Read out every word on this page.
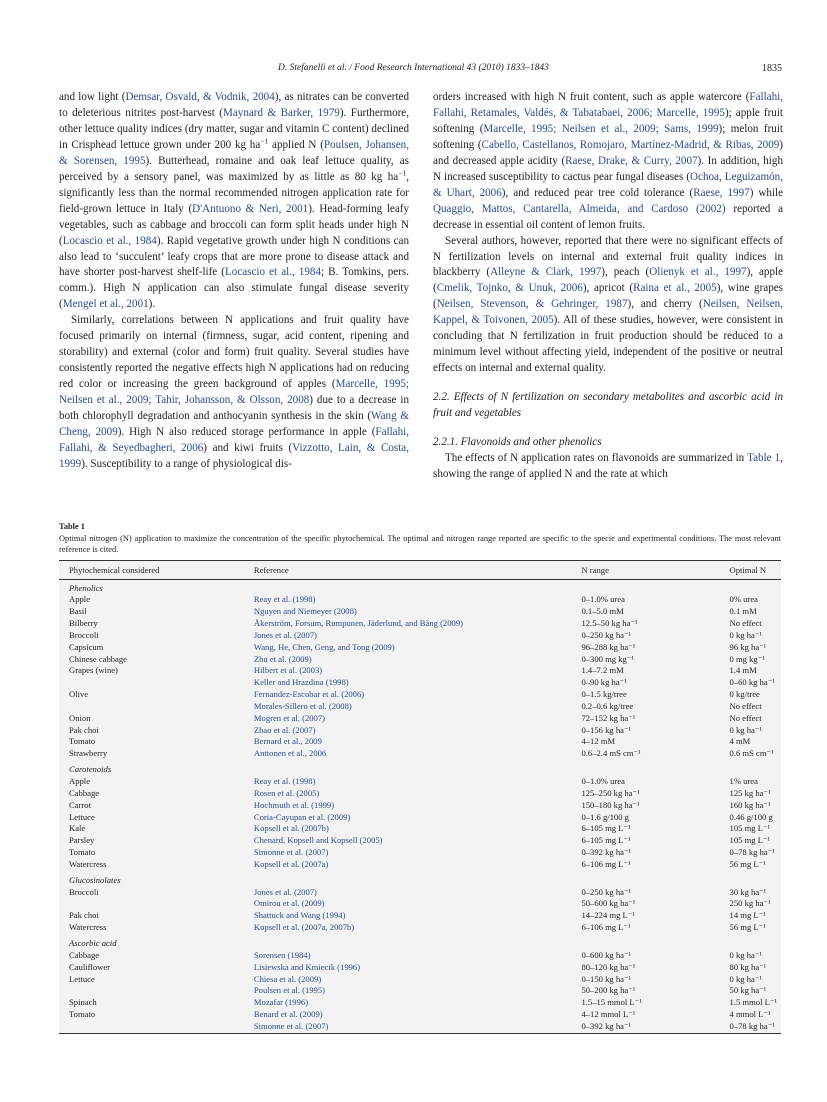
D. Stefanelli et al. / Food Research International 43 (2010) 1833–1843	1835

and low light (Demsar, Osvald, & Vodnik, 2004), as nitrates can be converted to deleterious nitrites post-harvest (Maynard & Barker, 1979). Furthermore, other lettuce quality indices (dry matter, sugar and vitamin C content) declined in Crisphead lettuce grown under 200 kg $ha^{-1}$ applied N (Poulsen, Johansen, & Sorensen, 1995). Butterhead, romaine and oak leaf lettuce quality, as perceived by a sensory panel, was maximized by as little as 80 kg $ha^{-1}$, significantly less than the normal recommended nitrogen application rate for field-grown lettuce in Italy (D'Antuono & Neri, 2001). Head-forming leafy vegetables, such as cabbage and broccoli can form split heads under high N (Locascio et al., 1984). Rapid vegetative growth under high N conditions can also lead to ‘succulent’ leafy crops that are more prone to disease attack and have shorter post-harvest shelf-life (Locascio et al., 1984; B. Tomkins, pers. comm.). High N application can also stimulate fungal disease severity (Mengel et al., 2001).

Similarly, correlations between N applications and fruit quality have focused primarily on internal (firmness, sugar, acid content, ripening and storability) and external (color and form) fruit quality. Several studies have consistently reported the negative effects high N applications had on reducing red color or increasing the green background of apples (Marcelle, 1995; Neilsen et al., 2009; Tahir, Johansson, & Olsson, 2008) due to a decrease in both chlorophyll degradation and anthocyanin synthesis in the skin (Wang & Cheng, 2009). High N also reduced storage performance in apple (Fallahi, Fallahi, & Seyedbagheri, 2006) and kiwi fruits (Vizzotto, Lain, & Costa, 1999). Susceptibility to a range of physiological dis-

orders increased with high N fruit content, such as apple watercore (Fallahi, Fallahi, Retamales, Valdés, & Tabatabaei, 2006; Marcelle, 1995); apple fruit softening (Marcelle, 1995; Neilsen et al., 2009; Sams, 1999); melon fruit softening (Cabello, Castellanos, Romojaro, Martínez-Madrid, & Ribas, 2009) and decreased apple acidity (Raese, Drake, & Curry, 2007). In addition, high N increased susceptibility to cactus pear fungal diseases (Ochoa, Leguizamón, & Uhart, 2006), and reduced pear tree cold tolerance (Raese, 1997) while Quaggio, Mattos, Cantarella, Almeida, and Cardoso (2002) reported a decrease in essential oil content of lemon fruits.

Several authors, however, reported that there were no significant effects of N fertilization levels on internal and external fruit quality indices in blackberry (Alleyne & Clark, 1997), peach (Olienyk et al., 1997), apple (Cmelik, Tojnko, & Unuk, 2006), apricot (Raina et al., 2005), wine grapes (Neilsen, Stevenson, & Gehringer, 1987), and cherry (Neilsen, Neilsen, Kappel, & Toivonen, 2005). All of these studies, however, were consistent in concluding that N fertilization in fruit production should be reduced to a minimum level without affecting yield, independent of the positive or neutral effects on internal and external quality.

2.2. Effects of N fertilization on secondary metabolites and ascorbic acid in fruit and vegetables

2.2.1. Flavonoids and other phenolics

The effects of N application rates on flavonoids are summarized in Table 1, showing the range of applied N and the rate at which

Table 1
Optimal nitrogen (N) application to maximize the concentration of the specific phytochemical. The optimal and nitrogen range reported are specific to the specie and experimental conditions. The most relevant reference is cited.
Phytochemical considered	Reference	N range	Optimal N
Phenolics			
Apple	Reay et al. (1998)	0–1.0% urea	0% urea
Basil	Nguyen and Niemeyer (2008)	0.1–5.0 mM	0.1 mM
Bilberry	Åkerström, Forsum, Rumpunen, Jäderlund, and Bång (2009)	12.5–50 kg ha⁻¹	No effect
Broccoli	Jones et al. (2007)	0–250 kg ha⁻¹	0 kg ha⁻¹
Capsicum	Wang, He, Chen, Geng, and Tong (2009)	96–288 kg ha⁻¹	96 kg ha⁻¹
Chinese cabbage	Zhu et al. (2009)	0–300 mg kg⁻¹	0 mg kg⁻¹
Grapes (wine)	Hilbert et al. (2003)	1.4–7.2 mM	1.4 mM
	Keller and Hrazdina (1998)	0–90 kg ha⁻¹	0–60 kg ha⁻¹
Olive	Fernandez-Escobar et al. (2006)	0–1.5 kg/tree	0 kg/tree
	Morales-Sillero et al. (2008)	0.2–0.6 kg/tree	No effect
Onion	Mogren et al. (2007)	72–152 kg ha⁻¹	No effect
Pak choi	Zhao et al. (2007)	0–156 kg ha⁻¹	0 kg ha⁻¹
Tomato	Bernard et al., 2009	4–12 mM	4 mM
Strawberry	Anttonen et al., 2006	0.6–2.4 mS cm⁻¹	0.6 mS cm⁻¹

Carotenoids			
Apple	Reay et al. (1998)	0–1.0% urea	1% urea
Cabbage	Rosen et al. (2005)	125–250 kg ha⁻¹	125 kg ha⁻¹
Carrot	Hochmuth et al. (1999)	150–180 kg ha⁻¹	160 kg ha⁻¹
Lettuce	Coria-Cayupan et al. (2009)	0–1.6 g/100 g	0.46 g/100 g
Kale	Kopsell et al. (2007b)	6–105 mg L⁻¹	105 mg L⁻¹
Parsley	Chenard, Kopsell and Kopsell (2005)	6–105 mg L⁻¹	105 mg L⁻¹
Tomato	Simonne et al. (2007)	0–392 kg ha⁻¹	0–78 kg ha⁻¹
Watercress	Kopsell et al. (2007a)	6–106 mg L⁻¹	56 mg L⁻¹

Glucosinolates			
Broccoli	Jones et al. (2007)	0–250 kg ha⁻¹	30 kg ha⁻¹
	Omirou et al. (2009)	50–600 kg ha⁻¹	250 kg ha⁻¹
Pak choi	Shattuck and Wang (1994)	14–224 mg L⁻¹	14 mg L⁻¹
Watercress	Kopsell et al. (2007a, 2007b)	6–106 mg L⁻¹	56 mg L⁻¹

Ascorbic acid			
Cabbage	Sorensen (1984)	0–600 kg ha⁻¹	0 kg ha⁻¹
Cauliflower	Lisiewska and Kmiecik (1996)	80–120 kg ha⁻¹	80 kg ha⁻¹
Lettuce	Chiesa et al. (2009)	0–150 kg ha⁻¹	0 kg ha⁻¹
	Poulsen et al. (1995)	50–200 kg ha⁻¹	50 kg ha⁻¹
Spinach	Mozafar (1996)	1.5–15 mmol L⁻¹	1.5 mmol L⁻¹
Tomato	Benard et al. (2009)	4–12 mmol L⁻¹	4 mmol L⁻¹
	Simonne et al. (2007)	0–392 kg ha⁻¹	0–78 kg ha⁻¹
